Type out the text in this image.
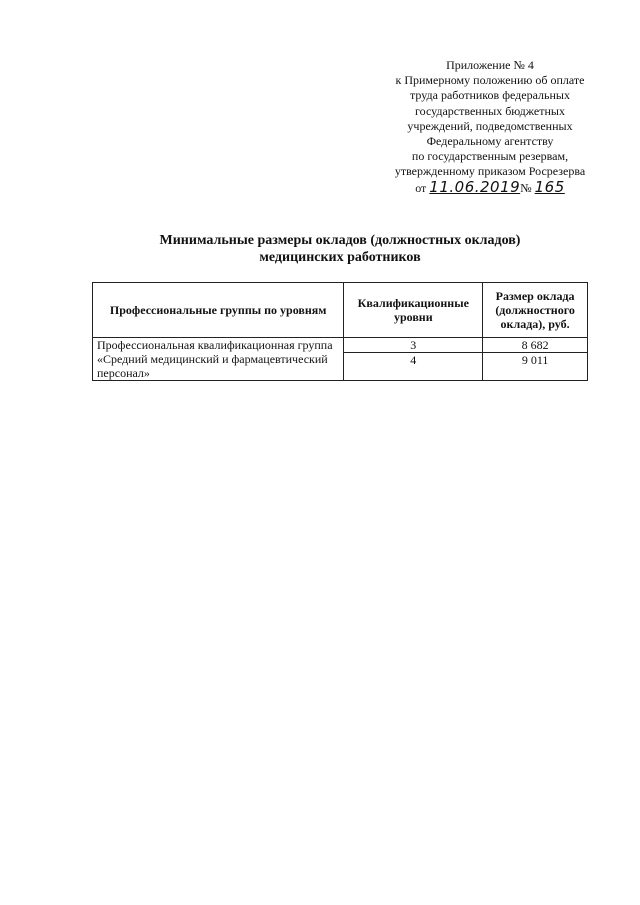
Приложение № 4
к Примерному положению об оплате
труда работников федеральных
государственных бюджетных
учреждений, подведомственных
Федеральному агентству
по государственным резервам,
утвержденному приказом Росрезерва
от 11.06.2019№ 165
Минимальные размеры окладов (должностных окладов)
медицинских работников
Профессиональные группы по уровням	Квалификационные уровни	Размер оклада (должностного оклада), руб.
Профессиональная квалификационная группа «Средний медицинский и фармацевтический персонал»	3	8 682
	4	9 011
